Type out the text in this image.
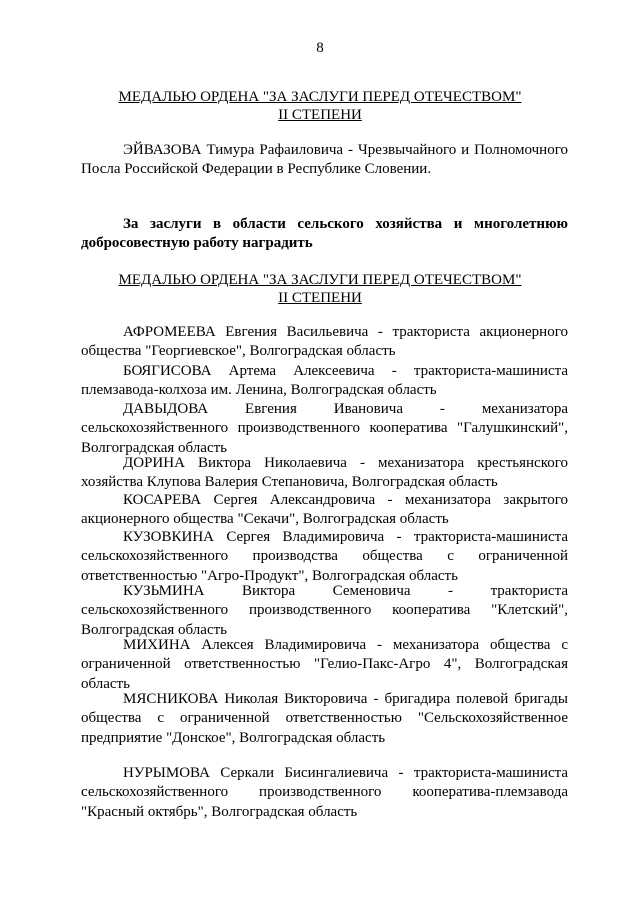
8
МЕДАЛЬЮ ОРДЕНА "ЗА ЗАСЛУГИ ПЕРЕД ОТЕЧЕСТВОМ"
II СТЕПЕНИ

ЭЙВАЗОВА Тимура Рафаиловича - Чрезвычайного и Полномочного Посла Российской Федерации в Республике Словении.

За заслуги в области сельского хозяйства и многолетнюю добросовестную работу наградить

МЕДАЛЬЮ ОРДЕНА "ЗА ЗАСЛУГИ ПЕРЕД ОТЕЧЕСТВОМ"
II СТЕПЕНИ

АФРОМЕЕВА Евгения Васильевича - тракториста акционерного общества "Георгиевское", Волгоградская область

БОЯГИСОВА Артема Алексеевича - тракториста-машиниста племзавода-колхоза им. Ленина, Волгоградская область

ДАВЫДОВА Евгения Ивановича - механизатора сельскохозяйственного производственного кооператива "Галушкинский", Волгоградская область

ДОРИНА Виктора Николаевича - механизатора крестьянского хозяйства Клупова Валерия Степановича, Волгоградская область

КОСАРЕВА Сергея Александровича - механизатора закрытого акционерного общества "Секачи", Волгоградская область

КУЗОВКИНА Сергея Владимировича - тракториста-машиниста сельскохозяйственного производства общества с ограниченной ответственностью "Агро-Продукт", Волгоградская область

КУЗЬМИНА Виктора Семеновича - тракториста сельскохозяйственного производственного кооператива "Клетский", Волгоградская область

МИХИНА Алексея Владимировича - механизатора общества с ограниченной ответственностью "Гелио-Пакс-Агро 4", Волгоградская область

МЯСНИКОВА Николая Викторовича - бригадира полевой бригады общества с ограниченной ответственностью "Сельскохозяйственное предприятие "Донское", Волгоградская область

НУРЫМОВА Серкали Бисингалиевича - тракториста-машиниста сельскохозяйственного производственного кооператива-племзавода "Красный октябрь", Волгоградская область
